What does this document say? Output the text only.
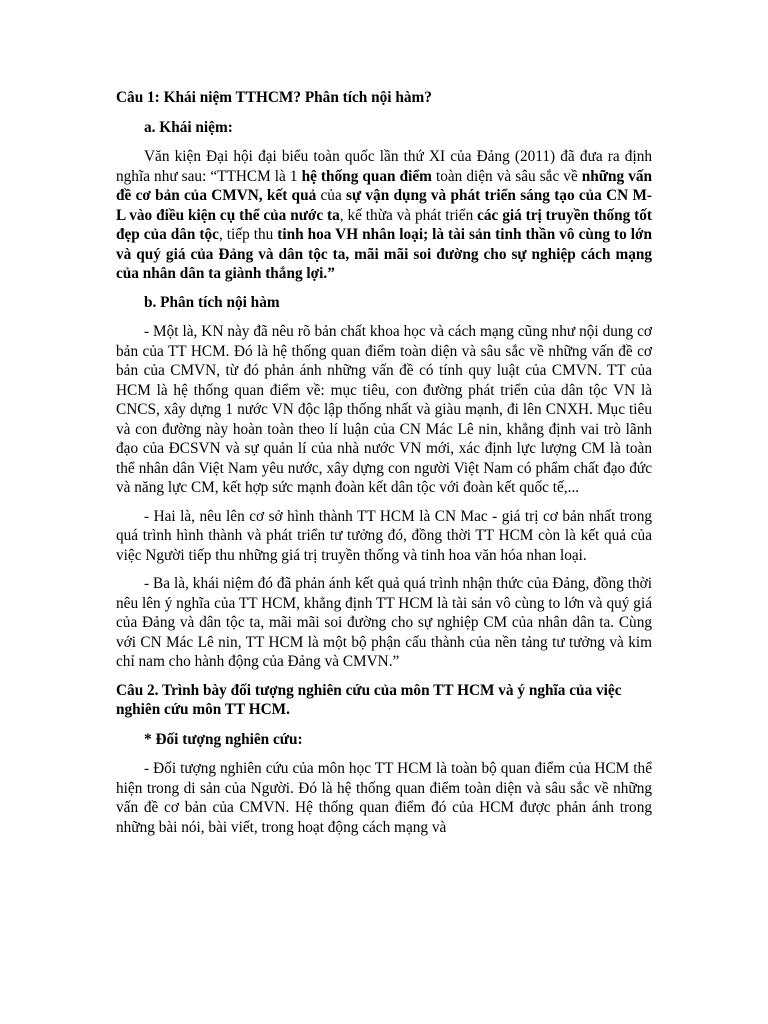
Câu 1: Khái niệm TTHCM? Phân tích nội hàm?

a. Khái niệm:

Văn kiện Đại hội đại biểu toàn quốc lần thứ XI của Đảng (2011) đã đưa ra định nghĩa như sau: “TTHCM là 1 hệ thống quan điểm toàn diện và sâu sắc về những vấn đề cơ bản của CMVN, kết quả của sự vận dụng và phát triển sáng tạo của CN M-L vào điều kiện cụ thể của nước ta, kế thừa và phát triển các giá trị truyền thống tốt đẹp của dân tộc, tiếp thu tinh hoa VH nhân loại; là tài sản tinh thần vô cùng to lớn và quý giá của Đảng và dân tộc ta, mãi mãi soi đường cho sự nghiệp cách mạng của nhân dân ta giành thắng lợi.”

b. Phân tích nội hàm

- Một là, KN này đã nêu rõ bản chất khoa học và cách mạng cũng như nội dung cơ bản của TT HCM. Đó là hệ thống quan điểm toàn diện và sâu sắc về những vấn đề cơ bản của CMVN, từ đó phản ánh những vấn đề có tính quy luật của CMVN. TT của HCM là hệ thống quan điểm về: mục tiêu, con đường phát triển của dân tộc VN là CNCS, xây dựng 1 nước VN độc lập thống nhất và giàu mạnh, đi lên CNXH. Mục tiêu và con đường này hoàn toàn theo lí luận của CN Mác Lê nin, khẳng định vai trò lãnh đạo của ĐCSVN và sự quản lí của nhà nước VN mới, xác định lực lượng CM là toàn thể nhân dân Việt Nam yêu nước, xây dựng con người Việt Nam có phẩm chất đạo đức và năng lực CM, kết hợp sức mạnh đoàn kết dân tộc với đoàn kết quốc tế,...

- Hai là, nêu lên cơ sở hình thành TT HCM là CN Mac - giá trị cơ bản nhất trong quá trình hình thành và phát triển tư tưởng đó, đồng thời TT HCM còn là kết quả của việc Người tiếp thu những giá trị truyền thống và tinh hoa văn hóa nhan loại.

- Ba là, khái niệm đó đã phản ánh kết quả quá trình nhận thức của Đảng, đồng thời nêu lên ý nghĩa của TT HCM, khẳng định TT HCM là tài sản vô cùng to lớn và quý giá của Đảng và dân tộc ta, mãi mãi soi đường cho sự nghiệp CM của nhân dân ta. Cùng với CN Mác Lê nin, TT HCM là một bộ phận cấu thành của nền tảng tư tưởng và kim chỉ nam cho hành động của Đảng và CMVN.”

Câu 2. Trình bày đối tượng nghiên cứu của môn TT HCM và ý nghĩa của việc nghiên cứu môn TT HCM.

* Đối tượng nghiên cứu:

- Đối tượng nghiên cứu của môn học TT HCM là toàn bộ quan điểm của HCM thể hiện trong di sản của Người. Đó là hệ thống quan điểm toàn diện và sâu sắc về những vấn đề cơ bản của CMVN. Hệ thống quan điểm đó của HCM được phản ánh trong những bài nói, bài viết, trong hoạt động cách mạng và
